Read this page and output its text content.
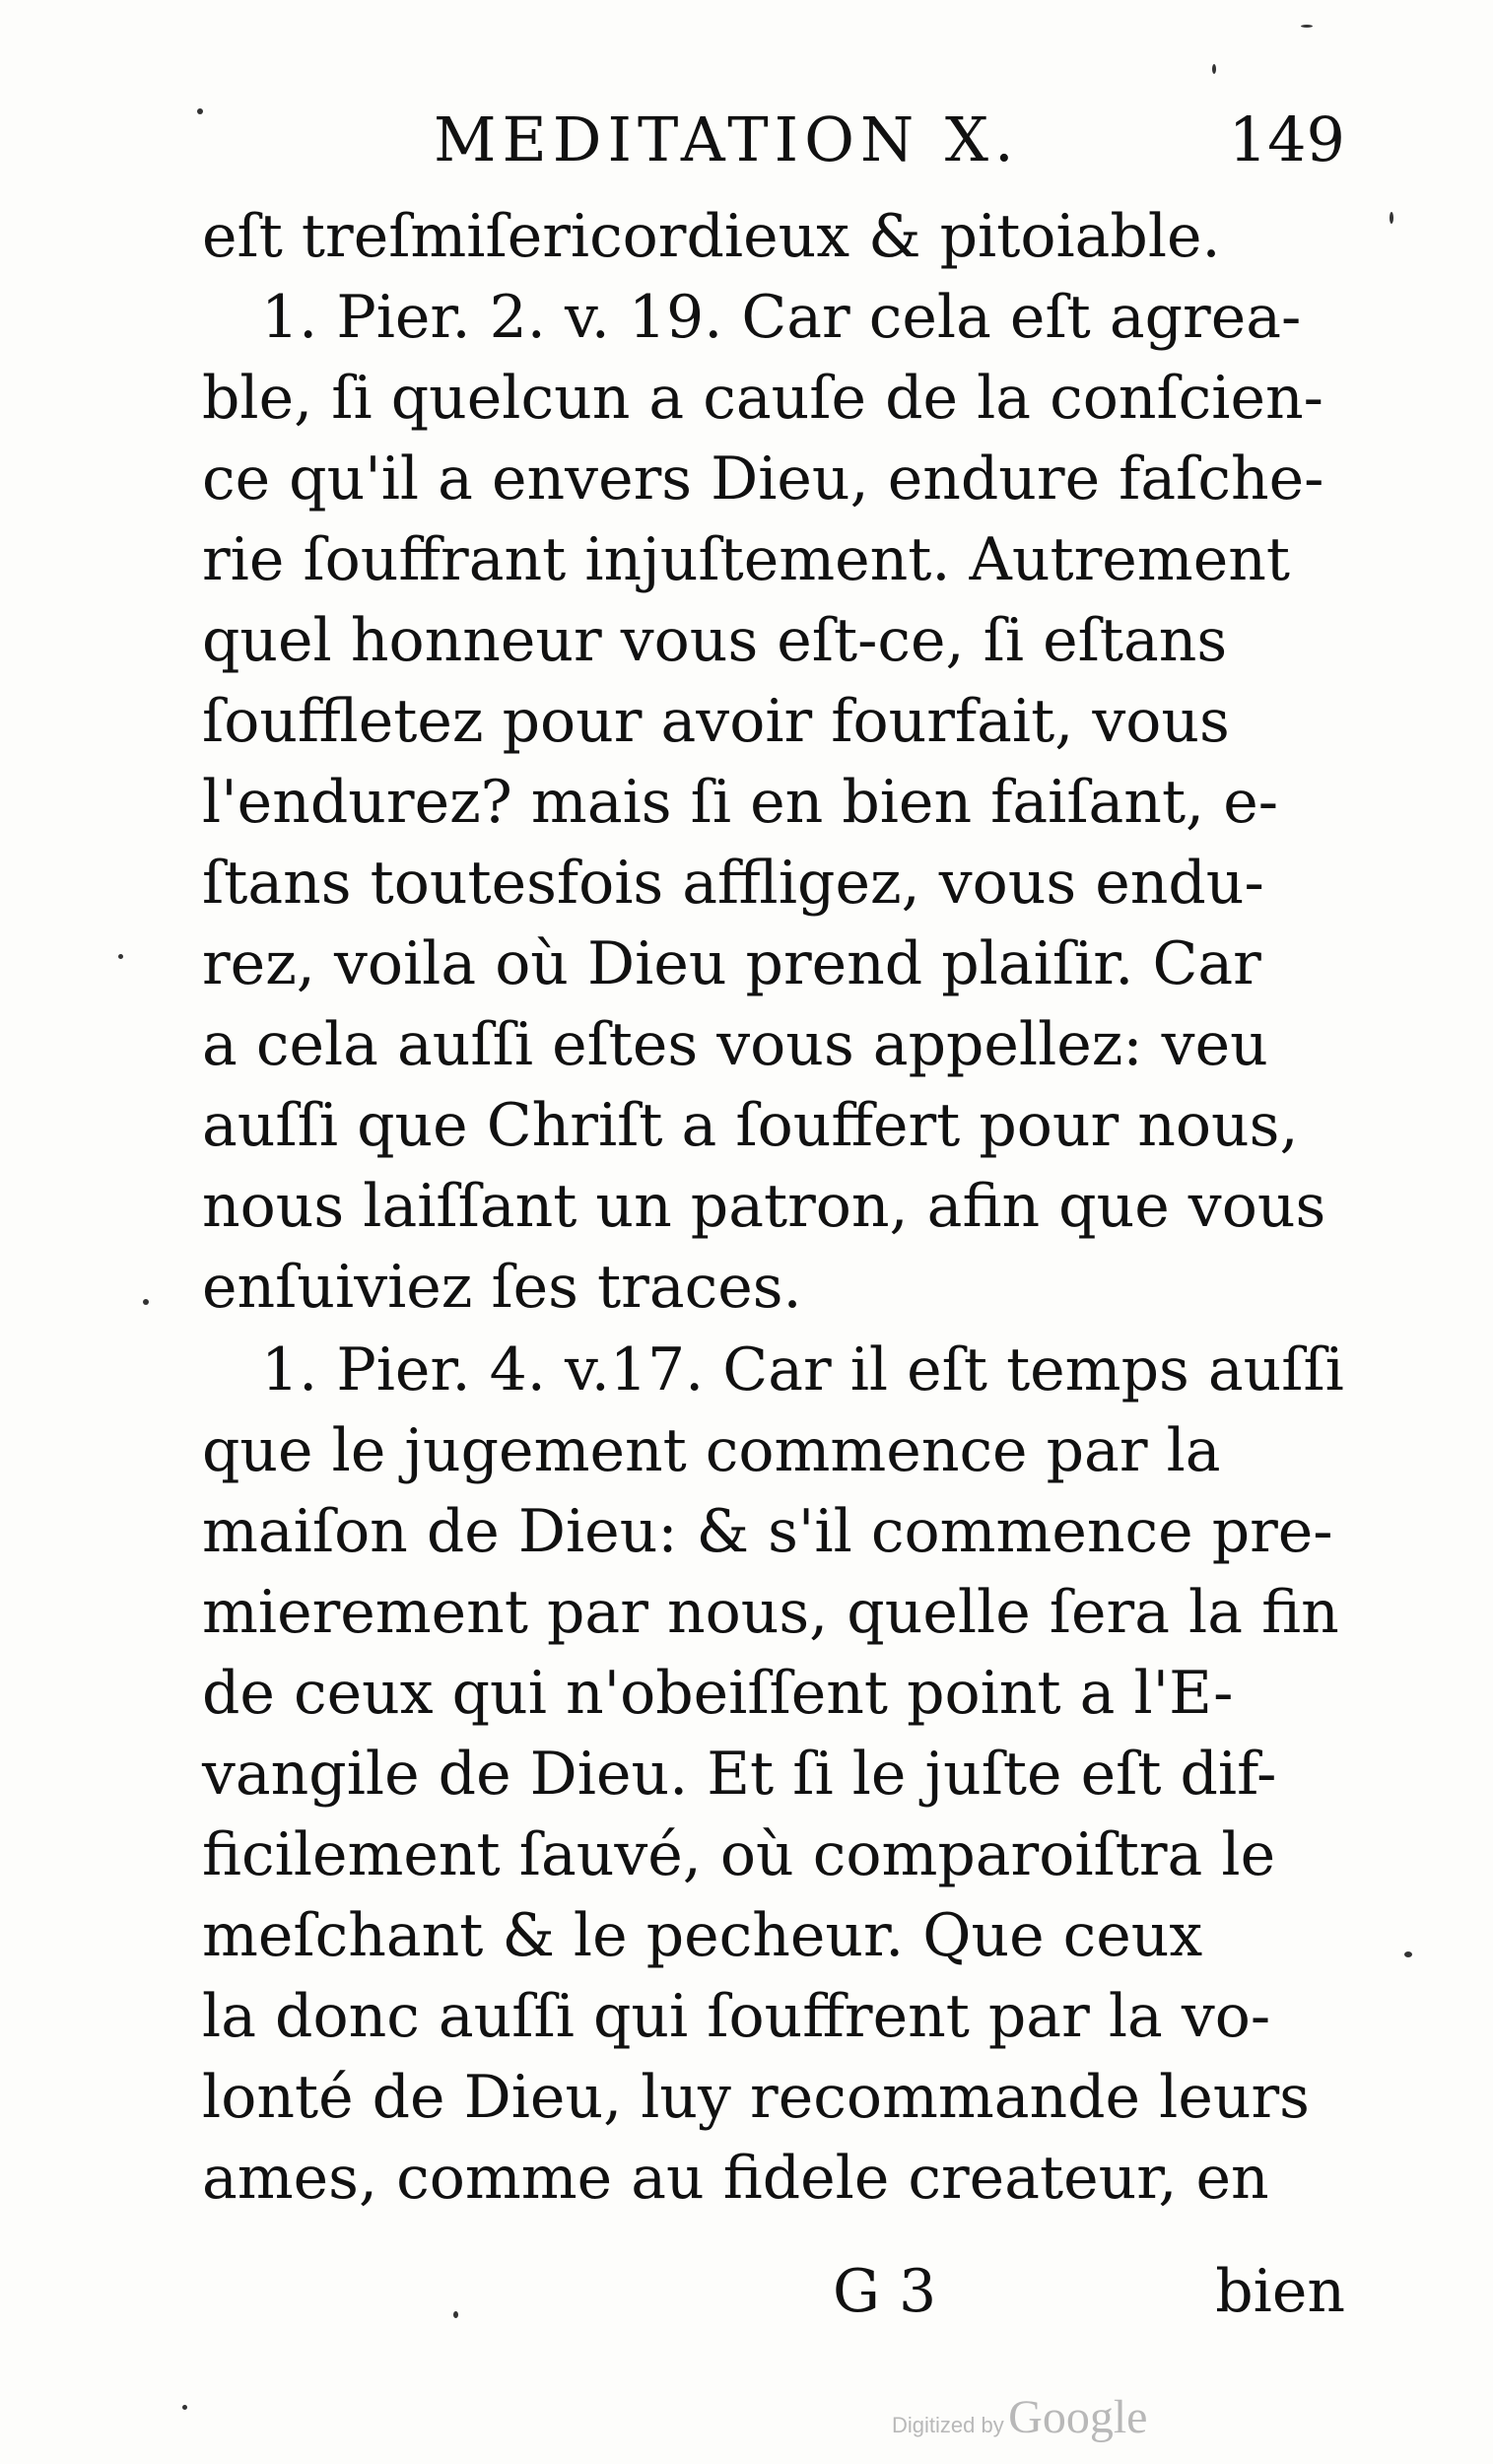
MEDITATION X.	149
eſt treſmiſericordieux & pitoiable.
1. Pier. 2. v. 19. Car cela eſt agrea-
ble, ſi quelcun a cauſe de la conſcien-
ce qu'il a envers Dieu, endure faſche-
rie ſouffrant injuſtement. Autrement
quel honneur vous eſt-ce, ſi eſtans
ſouffletez pour avoir fourfait, vous
l'endurez? mais ſi en bien faiſant, e-
ſtans toutesfois affligez, vous endu-
rez, voila où Dieu prend plaiſir. Car
a cela auſſi eſtes vous appellez: veu
auſſi que Chriſt a ſouffert pour nous,
nous laiſſant un patron, afin que vous
enſuiviez ſes traces.
1. Pier. 4. v.17. Car il eſt temps auſſi
que le jugement commence par la
maiſon de Dieu: & s'il commence pre-
mierement par nous, quelle ſera la fin
de ceux qui n'obeiſſent point a l'E-
vangile de Dieu. Et ſi le juſte eſt dif-
ficilement ſauvé, où comparoiſtra le
meſchant & le pecheur. Que ceux
la donc auſſi qui ſouffrent par la vo-
lonté de Dieu, luy recommande leurs
ames, comme au fidele createur, en
G 3	bien
Digitized by Google
